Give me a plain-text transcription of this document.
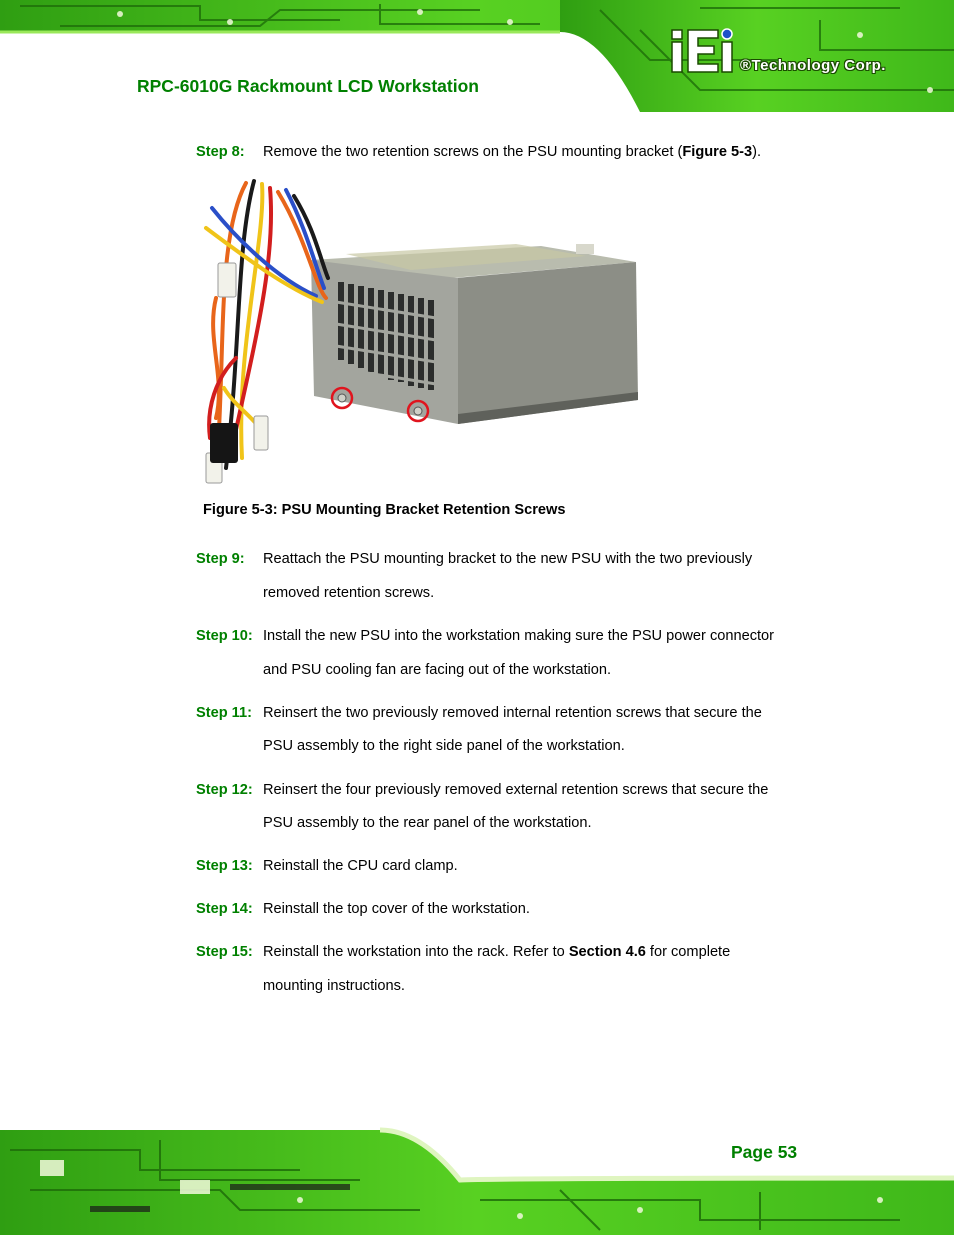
RPC-6010G Rackmount LCD Workstation
®Technology Corp.
Step 8: Remove the two retention screws on the PSU mounting bracket (Figure 5-3).
Figure 5-3: PSU Mounting Bracket Retention Screws
Step 9: Reattach the PSU mounting bracket to the new PSU with the two previously
removed retention screws.
Step 10: Install the new PSU into the workstation making sure the PSU power connector
and PSU cooling fan are facing out of the workstation.
Step 11: Reinsert the two previously removed internal retention screws that secure the
PSU assembly to the right side panel of the workstation.
Step 12: Reinsert the four previously removed external retention screws that secure the
PSU assembly to the rear panel of the workstation.
Step 13: Reinstall the CPU card clamp.
Step 14: Reinstall the top cover of the workstation.
Step 15: Reinstall the workstation into the rack. Refer to Section 4.6 for complete
mounting instructions.
Page 53
